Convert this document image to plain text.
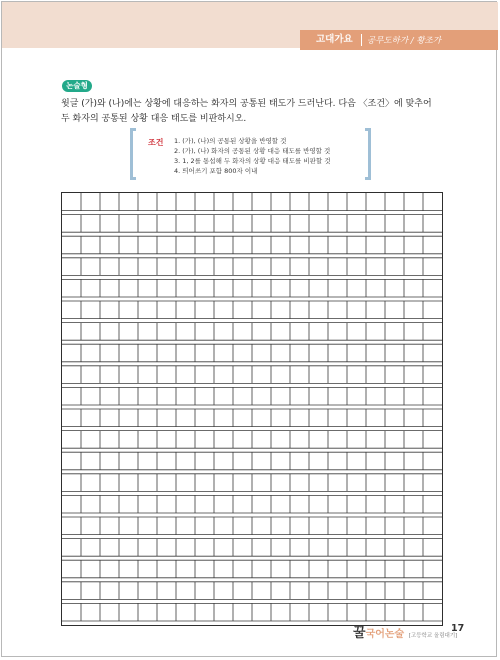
고대가요 공무도하가 / 황조가
논술형
윗글 (가)와 (나)에는 상황에 대응하는 화자의 공통된 태도가 드러난다. 다음 〈조건〉에 맞추어 두 화자의 공통된 상황 대응 태도를 비판하시오.
조건 1. (가), (나)의 공통된 상황을 반영할 것
2. (가), (나) 화자의 공통된 상황 대응 태도를 반영할 것
3. 1, 2를 통섭해 두 화자의 상황 대응 태도를 비판할 것
4. 띄어쓰기 포함 800자 이내
꿀국어논술 [고등학교 올림대기]
17
